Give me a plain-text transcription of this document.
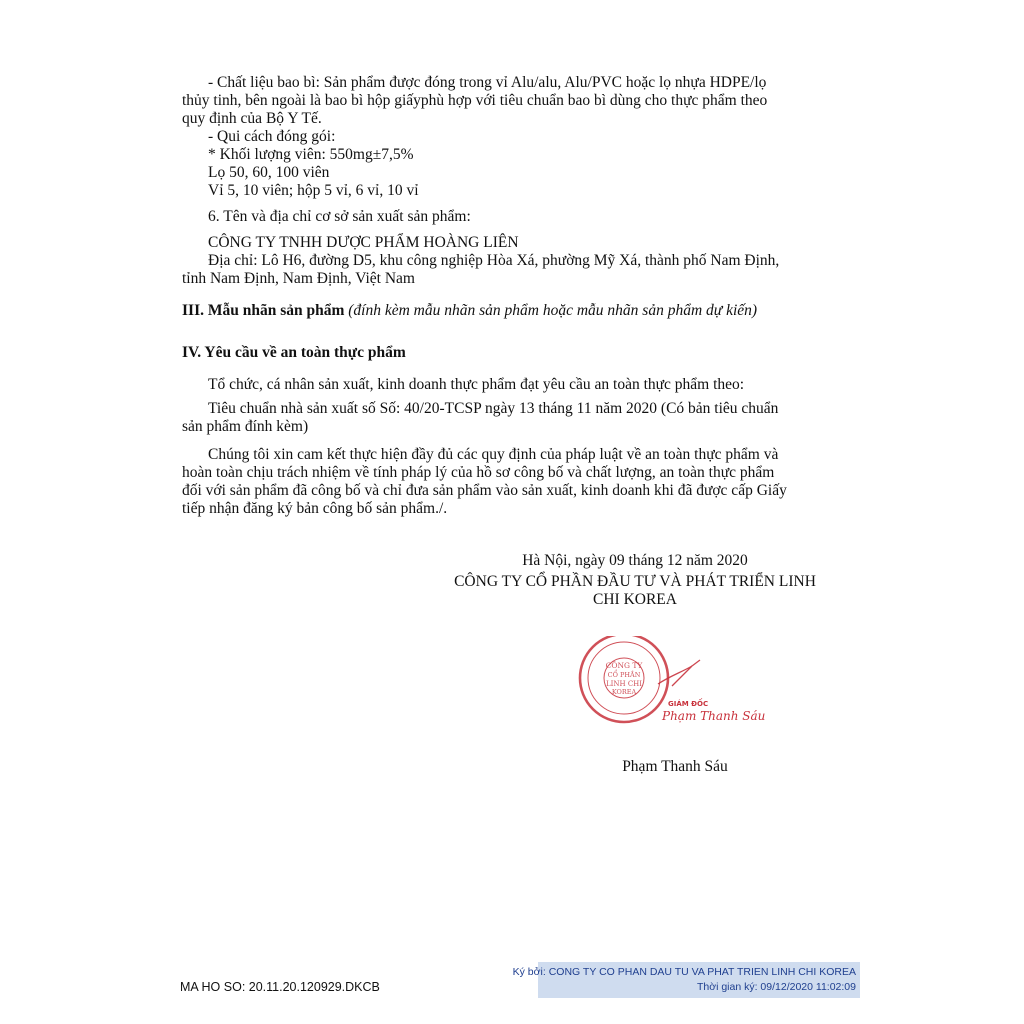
- Chất liệu bao bì: Sản phẩm được đóng trong vỉ Alu/alu, Alu/PVC hoặc lọ nhựa HDPE/lọ
thủy tinh, bên ngoài là bao bì hộp giấyphù hợp với tiêu chuẩn bao bì dùng cho thực phẩm theo
quy định của Bộ Y Tế.
- Qui cách đóng gói:
* Khối lượng viên: 550mg±7,5%
Lọ 50, 60, 100 viên
Vỉ 5, 10 viên; hộp 5 vỉ, 6 vỉ, 10 vỉ
6. Tên và địa chỉ cơ sở sản xuất sản phẩm:
CÔNG TY TNHH DƯỢC PHẨM HOÀNG LIÊN
Địa chỉ: Lô H6, đường D5, khu công nghiệp Hòa Xá, phường Mỹ Xá, thành phố Nam Định,
tỉnh Nam Định, Nam Định, Việt Nam
III. Mẫu nhãn sản phẩm (đính kèm mẫu nhãn sản phẩm hoặc mẫu nhãn sản phẩm dự kiến)
IV. Yêu cầu về an toàn thực phẩm
Tổ chức, cá nhân sản xuất, kinh doanh thực phẩm đạt yêu cầu an toàn thực phẩm theo:
Tiêu chuẩn nhà sản xuất số Số: 40/20-TCSP ngày 13 tháng 11 năm 2020 (Có bản tiêu chuẩn
sản phẩm đính kèm)
Chúng tôi xin cam kết thực hiện đầy đủ các quy định của pháp luật về an toàn thực phẩm và
hoàn toàn chịu trách nhiệm về tính pháp lý của hồ sơ công bố và chất lượng, an toàn thực phẩm
đối với sản phẩm đã công bố và chỉ đưa sản phẩm vào sản xuất, kinh doanh khi đã được cấp Giấy
tiếp nhận đăng ký bản công bố sản phẩm./.
Hà Nội, ngày 09 tháng 12 năm 2020
CÔNG TY CỔ PHẦN ĐẦU TƯ VÀ PHÁT TRIỂN LINH
CHI KOREA
CÔNG TY
CỔ PHẦN
LINH CHI
KOREA
GIÁM ĐỐC
Phạm Thanh Sáu
Phạm Thanh Sáu
MA HO SO: 20.11.20.120929.DKCB
Ký bởi: CONG TY CO PHAN DAU TU VA PHAT TRIEN LINH CHI KOREA
Thời gian ký: 09/12/2020 11:02:09
